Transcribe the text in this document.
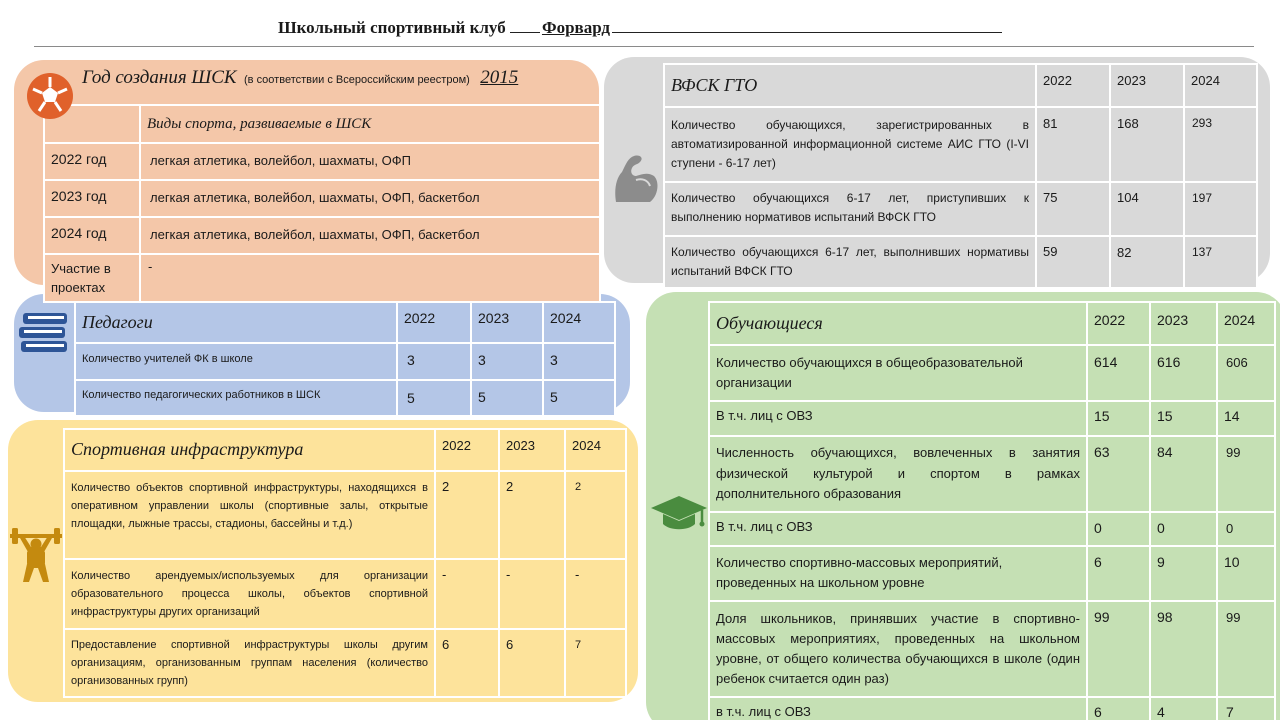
Школьный спортивный клуб Форвард
Год создания ШСК (в соответствии с Всероссийским реестром) 2015
	Виды спорта, развиваемые в ШСК
2022 год	легкая атлетика, волейбол, шахматы, ОФП
2023 год	легкая атлетика, волейбол, шахматы, ОФП, баскетбол
2024 год	легкая атлетика, волейбол, шахматы, ОФП, баскетбол
Участие в проектах	-
ВФСК ГТО	2022	2023	2024
Количество обучающихся, зарегистрированных в автоматизированной информационной системе АИС ГТО (I-VI ступени - 6-17 лет)	81	168	293
Количество обучающихся 6-17 лет, приступивших к выполнению нормативов испытаний ВФСК ГТО	75	104	197
Количество обучающихся 6-17 лет, выполнивших нормативы испытаний ВФСК ГТО	59	82	137
Педагоги	2022	2023	2024
Количество учителей ФК в школе	3	3	3
Количество педагогических работников в ШСК	5	5	5
Спортивная инфраструктура	2022	2023	2024
Количество объектов спортивной инфраструктуры, находящихся в оперативном управлении школы (спортивные залы, открытые площадки, лыжные трассы, стадионы, бассейны и т.д.)	2	2	2
Количество арендуемых/используемых для организации образовательного процесса школы, объектов спортивной инфраструктуры других организаций	-	-	-
Предоставление спортивной инфраструктуры школы другим организациям, организованным группам населения (количество организованных групп)	6	6	7
Обучающиеся	2022	2023	2024
Количество обучающихся в общеобразовательной организации	614	616	606
В т.ч. лиц с ОВЗ	15	15	14
Численность обучающихся, вовлеченных в занятия физической культурой и спортом в рамках дополнительного образования	63	84	99
В т.ч. лиц с ОВЗ	0	0	0
Количество спортивно-массовых мероприятий, проведенных на школьном уровне	6	9	10
Доля школьников, принявших участие в спортивно-массовых мероприятиях, проведенных на школьном уровне, от общего количества обучающихся в школе (один ребенок считается один раз)	99	98	99
в т.ч. лиц с ОВЗ	6	4	7
